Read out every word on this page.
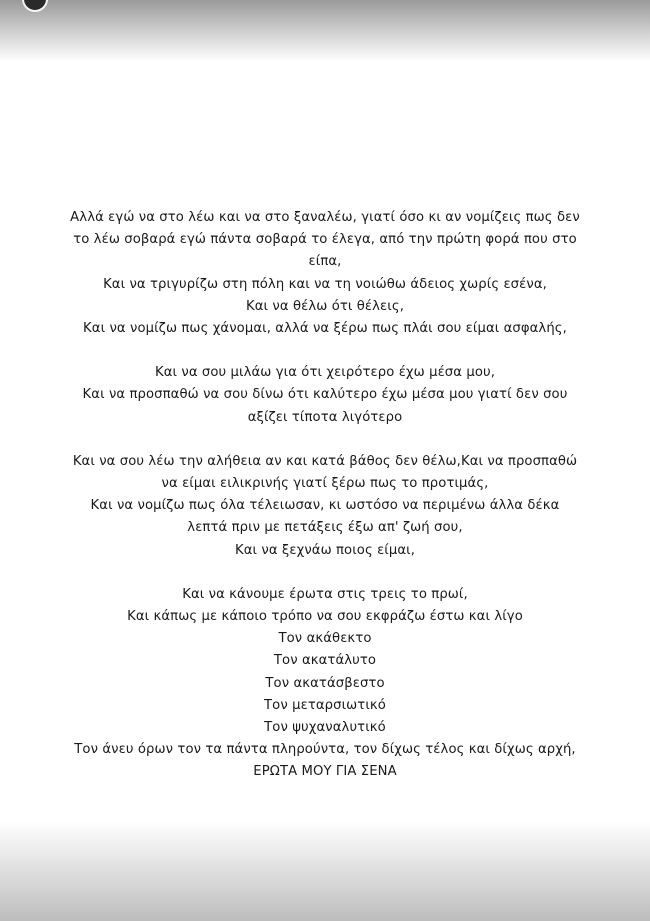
Αλλά εγώ να στο λέω και να στο ξαναλέω, γιατί όσο κι αν νομίζεις πως δεν
το λέω σοβαρά εγώ πάντα σοβαρά το έλεγα, από την πρώτη φορά που στο
είπα,
Και να τριγυρίζω στη πόλη και να τη νοιώθω άδειος χωρίς εσένα,
Και να θέλω ότι θέλεις,
Και να νομίζω πως χάνομαι, αλλά να ξέρω πως πλάι σου είμαι ασφαλής,

Και να σου μιλάω για ότι χειρότερο έχω μέσα μου,
Και να προσπαθώ να σου δίνω ότι καλύτερο έχω μέσα μου γιατί δεν σου
αξίζει τίποτα λιγότερο

Και να σου λέω την αλήθεια αν και κατά βάθος δεν θέλω,Και να προσπαθώ
να είμαι ειλικρινής γιατί ξέρω πως το προτιμάς,
Και να νομίζω πως όλα τέλειωσαν, κι ωστόσο να περιμένω άλλα δέκα
λεπτά πριν με πετάξεις έξω απ' ζωή σου,
Και να ξεχνάω ποιος είμαι,

Και να κάνουμε έρωτα στις τρεις το πρωί,
Και κάπως με κάποιο τρόπο να σου εκφράζω έστω και λίγο
Τον ακάθεκτο
Τον ακατάλυτο
Τον ακατάσβεστο
Τον μεταρσιωτικό
Τον ψυχαναλυτικό
Τον άνευ όρων τον τα πάντα πληρούντα, τον δίχως τέλος και δίχως αρχή,
ΕΡΩΤΑ ΜΟΥ ΓΙΑ ΣΕΝΑ
